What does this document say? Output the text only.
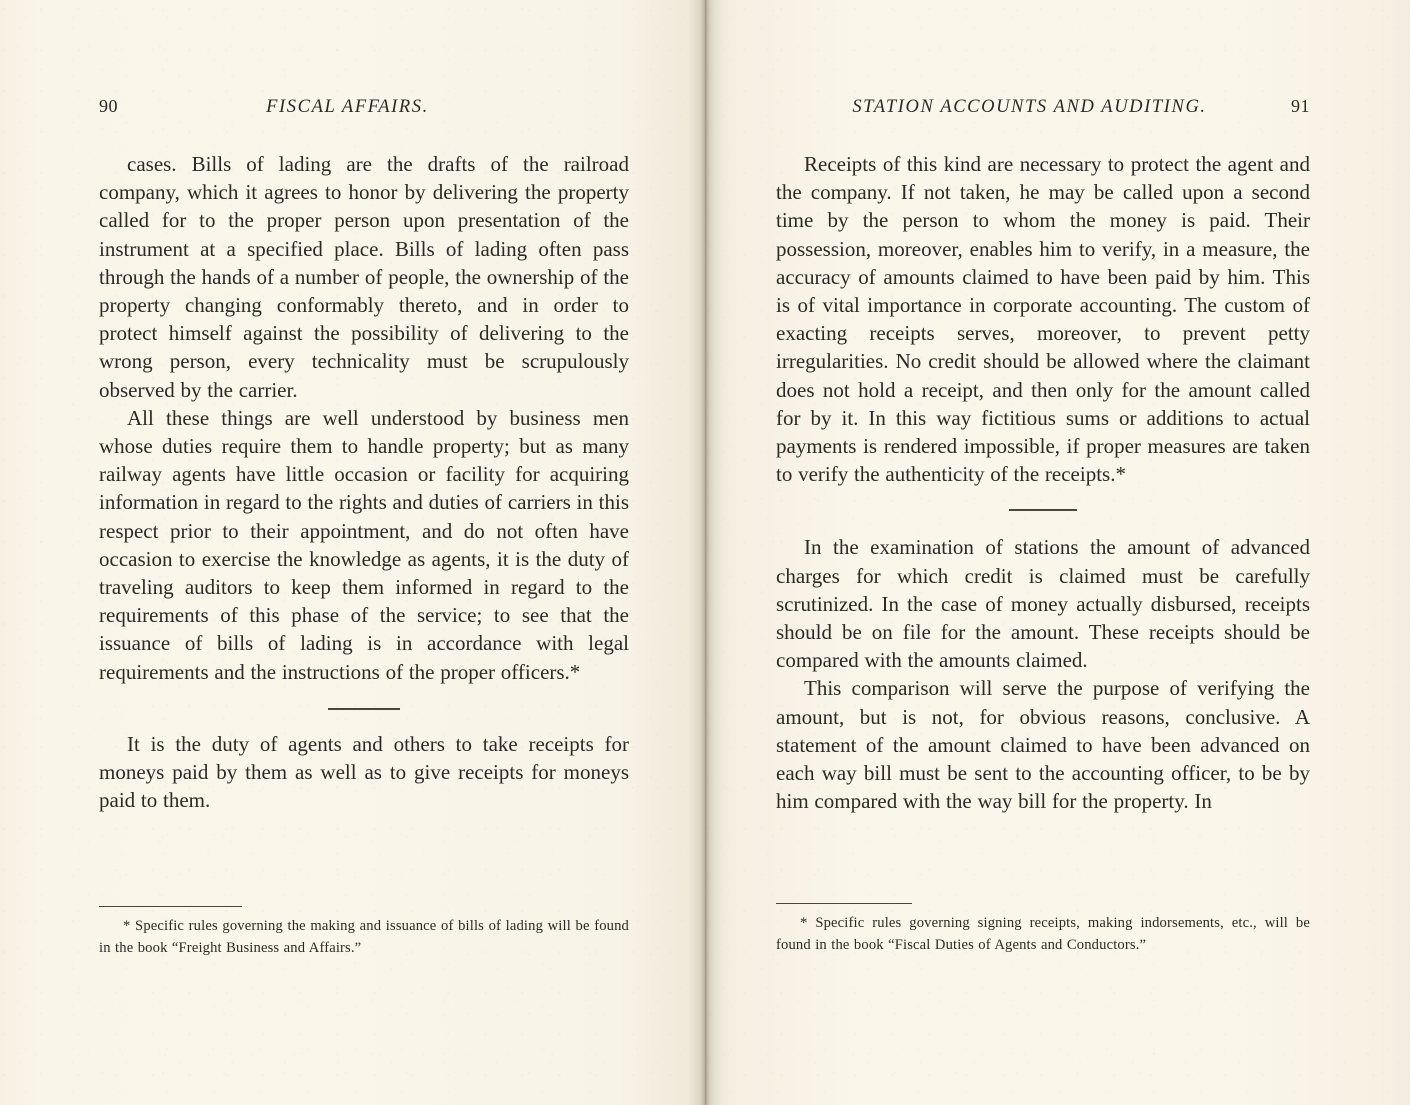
90	FISCAL AFFAIRS.

cases. Bills of lading are the drafts of the railroad company, which it agrees to honor by delivering the property called for to the proper person upon presentation of the instrument at a specified place. Bills of lading often pass through the hands of a number of people, the ownership of the property changing conformably thereto, and in order to protect himself against the possibility of delivering to the wrong person, every technicality must be scrupulously observed by the carrier.

All these things are well understood by business men whose duties require them to handle property; but as many railway agents have little occasion or facility for acquiring information in regard to the rights and duties of carriers in this respect prior to their appointment, and do not often have occasion to exercise the knowledge as agents, it is the duty of traveling auditors to keep them informed in regard to the requirements of this phase of the service; to see that the issuance of bills of lading is in accordance with legal requirements and the instructions of the proper officers.*

It is the duty of agents and others to take receipts for moneys paid by them as well as to give receipts for moneys paid to them.

* Specific rules governing the making and issuance of bills of lading will be found in the book “Freight Business and Affairs.”

STATION ACCOUNTS AND AUDITING.	91

Receipts of this kind are necessary to protect the agent and the company. If not taken, he may be called upon a second time by the person to whom the money is paid. Their possession, moreover, enables him to verify, in a measure, the accuracy of amounts claimed to have been paid by him. This is of vital importance in corporate accounting. The custom of exacting receipts serves, moreover, to prevent petty irregularities. No credit should be allowed where the claimant does not hold a receipt, and then only for the amount called for by it. In this way fictitious sums or additions to actual payments is rendered impossible, if proper measures are taken to verify the authenticity of the receipts.*

In the examination of stations the amount of advanced charges for which credit is claimed must be carefully scrutinized. In the case of money actually disbursed, receipts should be on file for the amount. These receipts should be compared with the amounts claimed.

This comparison will serve the purpose of verifying the amount, but is not, for obvious reasons, conclusive. A statement of the amount claimed to have been advanced on each way bill must be sent to the accounting officer, to be by him compared with the way bill for the property. In

* Specific rules governing signing receipts, making indorsements, etc., will be found in the book “Fiscal Duties of Agents and Conductors.”
